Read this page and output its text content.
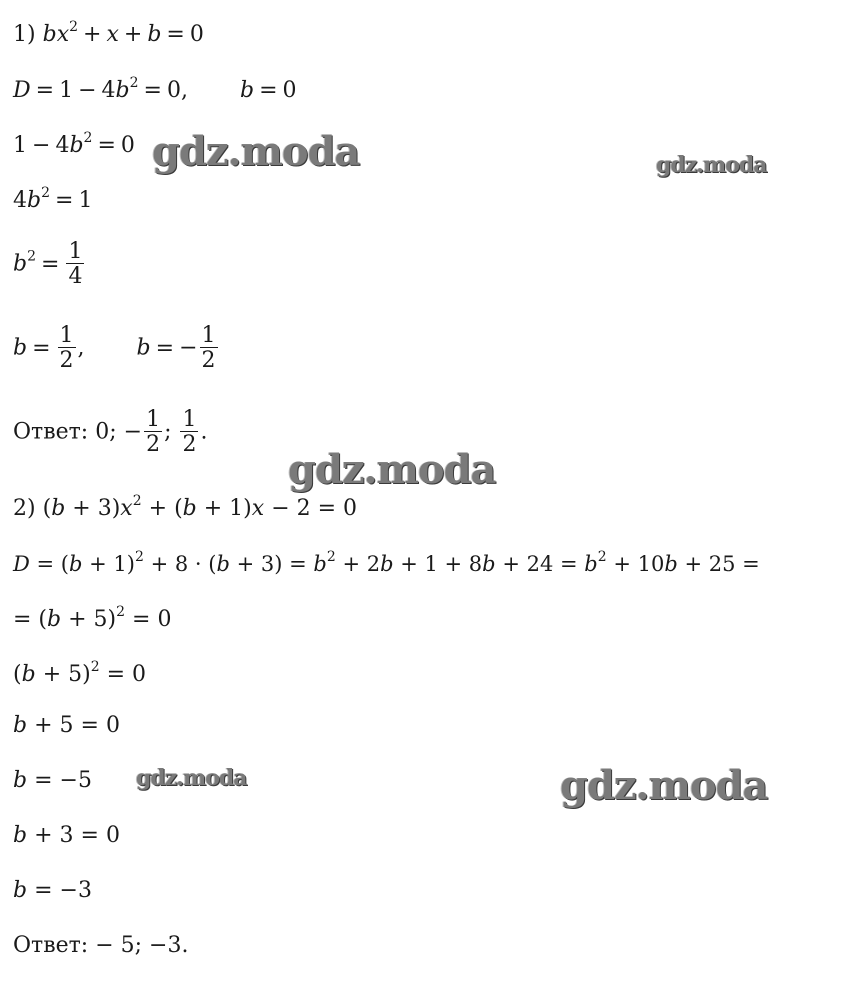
1) $bx^2 + x + b = 0$
$D = 1 - 4b^2 = 0$, b = 0
$1 - 4b^2 = 0$
$4b^2 = 1$
$b^2 = \frac{1}{4}$
$b = \frac{1}{2}$ , b = − $\frac{1}{2}$
Ответ: 0; − $\frac{1}{2}$ ; $\frac{1}{2}$ .
2) $(b + 3)x^2 + (b + 1)x - 2 = 0$
$D = (b + 1)^2 + 8 \cdot (b + 3) = b^2 + 2b + 1 + 8b + 24 = b^2 + 10b + 25$ =
= $(b + 5)^2 = 0$
$(b + 5)^2 = 0$
b + 5 = 0
b = −5
b + 3 = 0
b = −3
Ответ: − 5; −3.
gdz.moda	gdz.moda
gdz.moda
gdz.moda	gdz.moda
